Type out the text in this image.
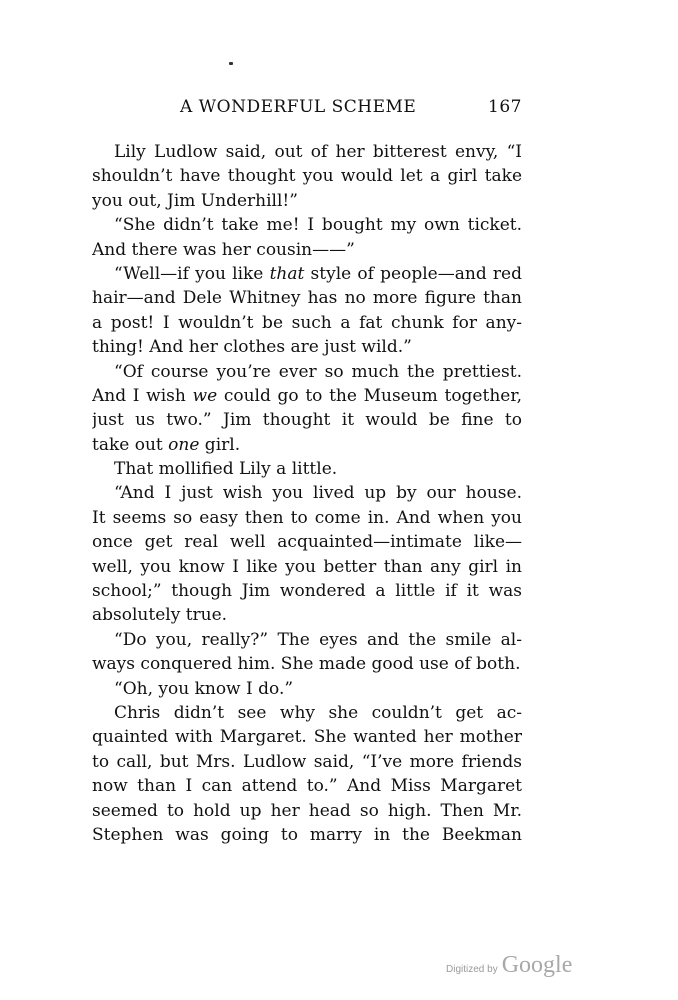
A WONDERFUL SCHEME	167
Lily Ludlow said, out of her bitterest envy, “I
shouldn’t have thought you would let a girl take
you out, Jim Underhill!”
“She didn’t take me! I bought my own ticket.
And there was her cousin——”
“Well—if you like that style of people—and red
hair—and Dele Whitney has no more figure than
a post! I wouldn’t be such a fat chunk for any-
thing! And her clothes are just wild.”
“Of course you’re ever so much the prettiest.
And I wish we could go to the Museum together,
just us two.” Jim thought it would be fine to
take out one girl.
That mollified Lily a little.
“And I just wish you lived up by our house.
It seems so easy then to come in. And when you
once get real well acquainted—intimate like—
well, you know I like you better than any girl in
school;” though Jim wondered a little if it was
absolutely true.
“Do you, really?” The eyes and the smile al-
ways conquered him. She made good use of both.
“Oh, you know I do.”
Chris didn’t see why she couldn’t get ac-
quainted with Margaret. She wanted her mother
to call, but Mrs. Ludlow said, “I’ve more friends
now than I can attend to.” And Miss Margaret
seemed to hold up her head so high. Then Mr.
Stephen was going to marry in the Beekman
Digitized by Google
